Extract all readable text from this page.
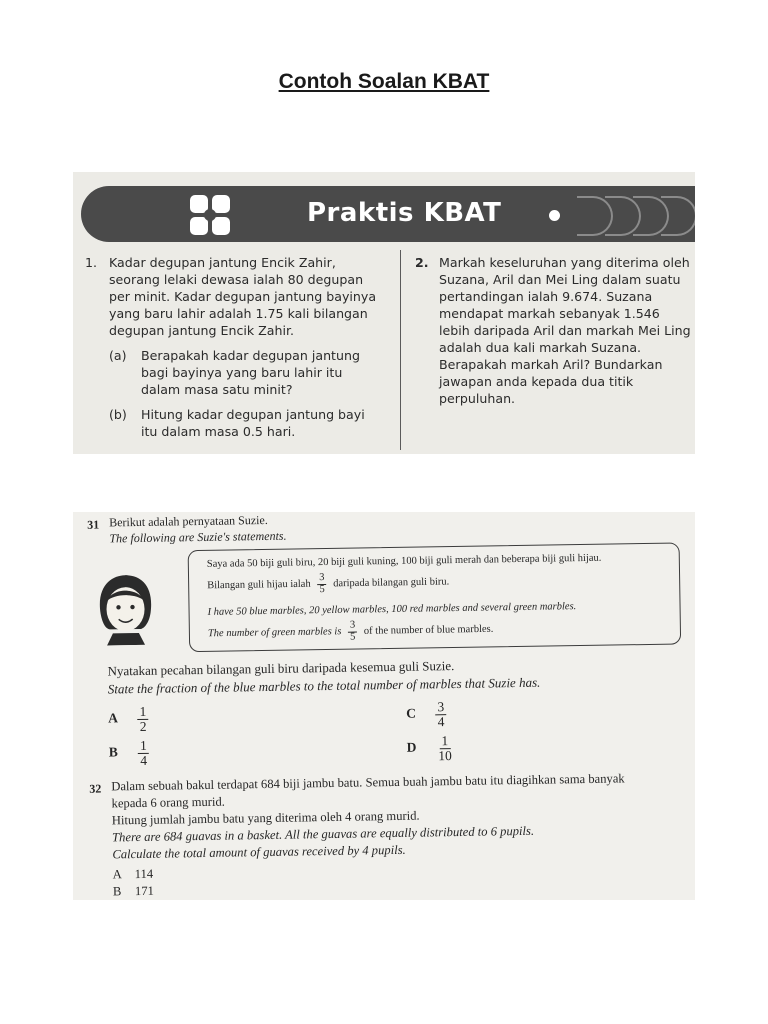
Contoh Soalan KBAT
Praktis KBAT
1. Kadar degupan jantung Encik Zahir, seorang lelaki dewasa ialah 80 degupan per minit. Kadar degupan jantung bayinya yang baru lahir adalah 1.75 kali bilangan degupan jantung Encik Zahir.
(a)	Berapakah kadar degupan jantung bagi bayinya yang baru lahir itu dalam masa satu minit?
(b)	Hitung kadar degupan jantung bayi itu dalam masa 0.5 hari.
2. Markah keseluruhan yang diterima oleh Suzana, Aril dan Mei Ling dalam suatu pertandingan ialah 9.674. Suzana mendapat markah sebanyak 1.546 lebih daripada Aril dan markah Mei Ling adalah dua kali markah Suzana. Berapakah markah Aril? Bundarkan jawapan anda kepada dua titik perpuluhan.
31 Berikut adalah pernyataan Suzie.
The following are Suzie's statements.
Saya ada 50 biji guli biru, 20 biji guli kuning, 100 biji guli merah dan beberapa biji guli hijau.
Bilangan guli hijau ialah $\frac{3}{5}$ daripada bilangan guli biru.
I have 50 blue marbles, 20 yellow marbles, 100 red marbles and several green marbles.
The number of green marbles is $\frac{3}{5}$ of the number of blue marbles.
Nyatakan pecahan bilangan guli biru daripada kesemua guli Suzie.
State the fraction of the blue marbles to the total number of marbles that Suzie has.
A $\frac{1}{2}$
B $\frac{1}{4}$
C $\frac{3}{4}$
D $\frac{1}{10}$
32 Dalam sebuah bakul terdapat 684 biji jambu batu. Semua buah jambu batu itu diagihkan sama banyak
kepada 6 orang murid.
Hitung jumlah jambu batu yang diterima oleh 4 orang murid.
There are 684 guavas in a basket. All the guavas are equally distributed to 6 pupils.
Calculate the total amount of guavas received by 4 pupils.
A 114
B 171
